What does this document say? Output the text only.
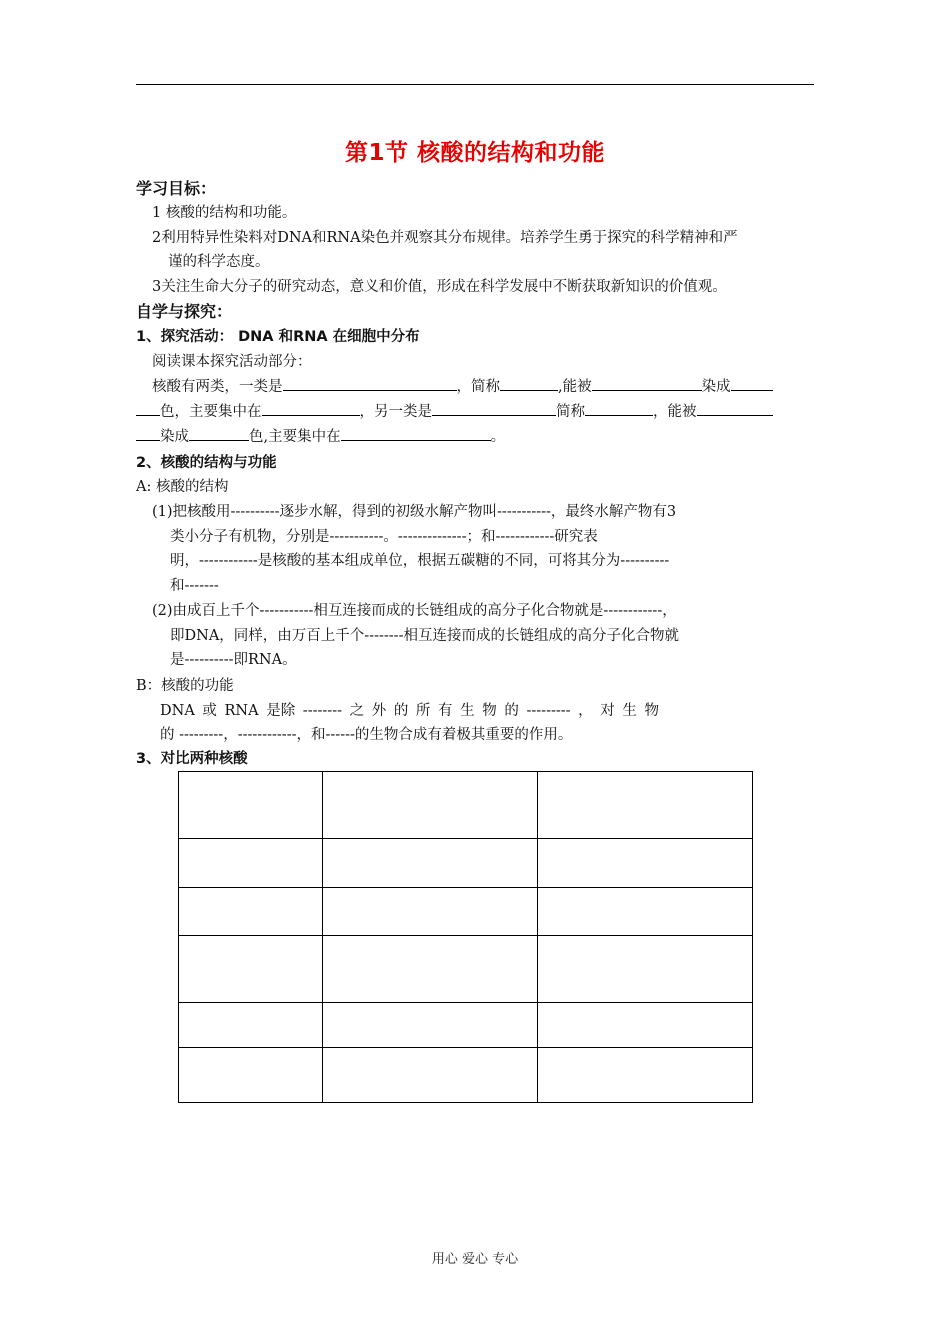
第1节 核酸的结构和功能
学习目标：
1 核酸的结构和功能。
2利用特异性染料对DNA和RNA染色并观察其分布规律。培养学生勇于探究的科学精神和严
谨的科学态度。
3关注生命大分子的研究动态，意义和价值，形成在科学发展中不断获取新知识的价值观。
自学与探究：
1、探究活动： DNA 和RNA 在细胞中分布
阅读课本探究活动部分：
核酸有两类，一类是	，简称	,能被	染成
色，主要集中在	，另一类是	简称	，能被
染成	色,主要集中在	。
2、核酸的结构与功能
A: 核酸的结构
(1)把核酸用----------逐步水解，得到的初级水解产物叫-----------，最终水解产物有3
类小分子有机物，分别是-----------。--------------；和------------研究表
明，------------是核酸的基本组成单位，根据五碳糖的不同，可将其分为----------
和-------
(2)由成百上千个-----------相互连接而成的长链组成的高分子化合物就是------------，
即DNA，同样，由万百上千个--------相互连接而成的长链组成的高分子化合物就
是----------即RNA。
B：核酸的功能
DNA 或 RNA 是除 -------- 之 外 的 所 有 生 物 的 --------- ， 对 生 物
的 ---------，------------，和------的生物合成有着极其重要的作用。
3、对比两种核酸

用心 爱心 专心
